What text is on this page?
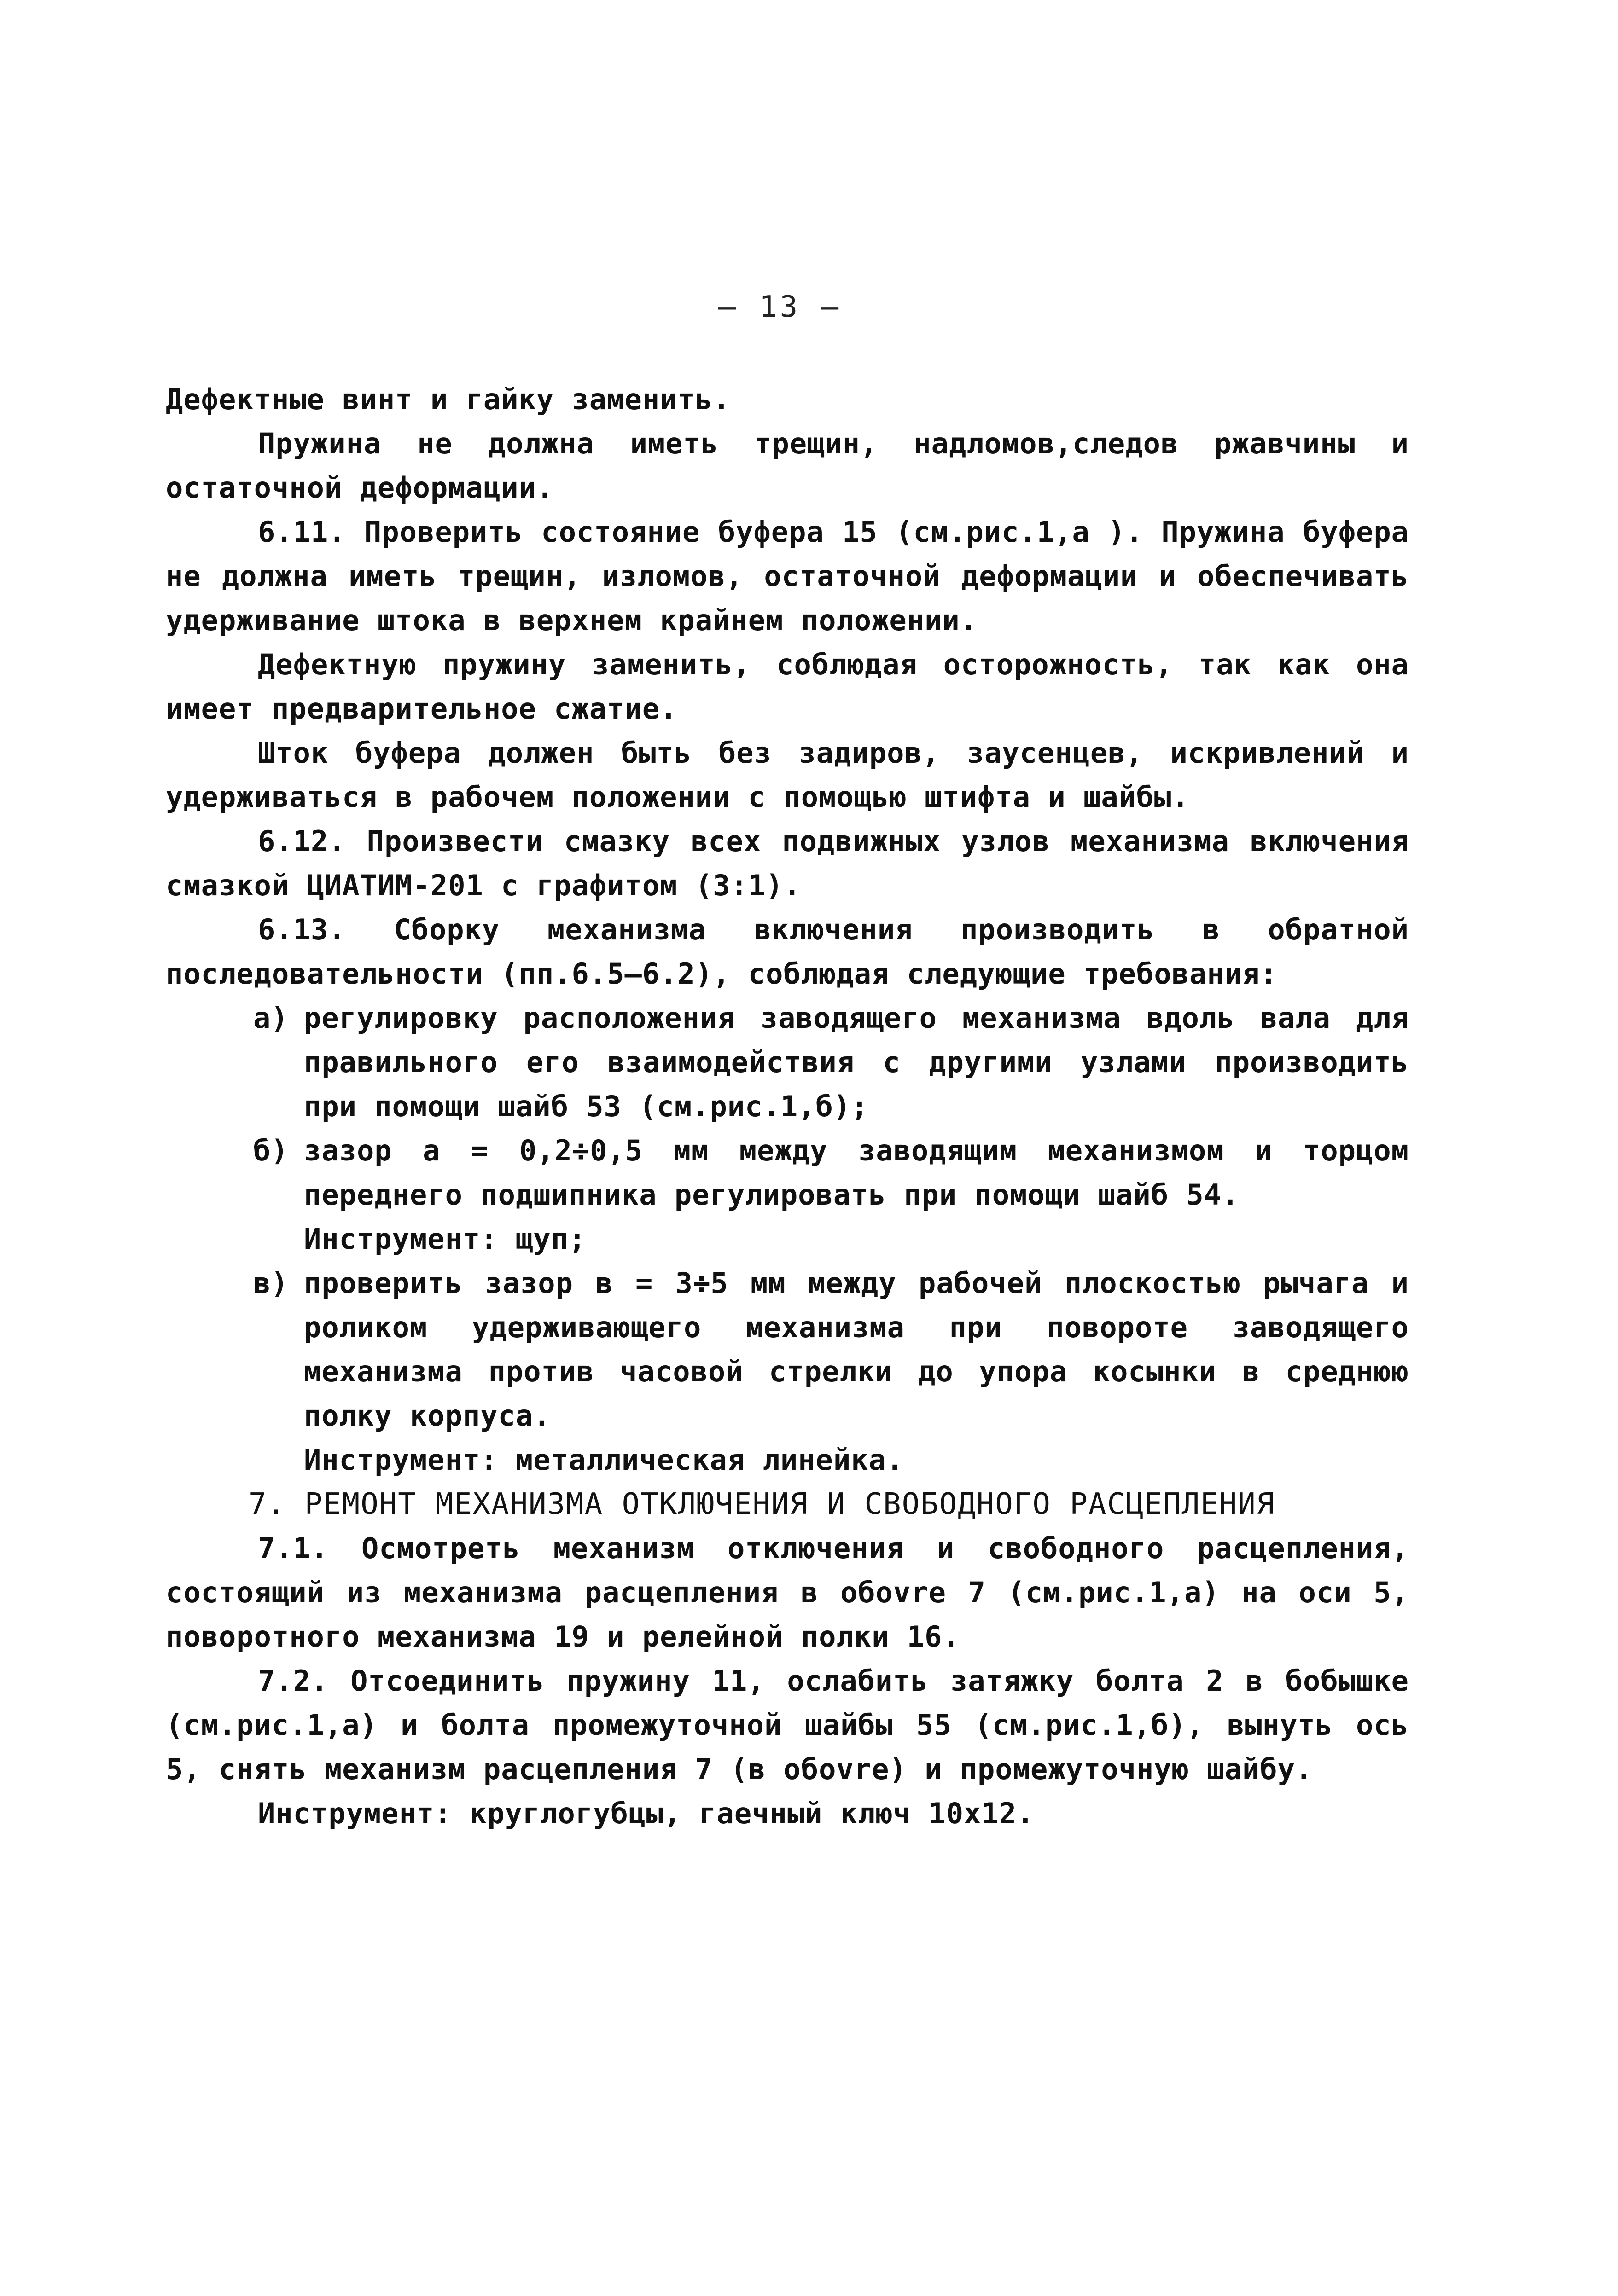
– 13 –

Дефектные винт и гайку заменить.

Пружина не должна иметь трещин, надломов,следов ржавчины и остаточной деформации.

6.11. Проверить состояние буфера 15 (см.рис.1,а ). Пружина буфера не должна иметь трещин, изломов, остаточной деформации и обеспечивать удерживание штока в верхнем крайнем положении.

Дефектную пружину заменить, соблюдая осторожность, так как она имеет предварительное сжатие.

Шток буфера должен быть без задиров, заусенцев, искривлений и удерживаться в рабочем положении с помощью штифта и шайбы.

6.12. Произвести смазку всех подвижных узлов механизма включения смазкой ЦИАТИМ-201 с графитом (3:1).

6.13. Сборку механизма включения производить в обратной последовательности (пп.6.5–6.2), соблюдая следующие требования:

а) регулировку расположения заводящего механизма вдоль вала для правильного его взаимодействия с другими узлами производить при помощи шайб 53 (см.рис.1,б);
б) зазор а = 0,2÷0,5 мм между заводящим механизмом и торцом переднего подшипника регулировать при помощи шайб 54.
Инструмент: щуп;
в) проверить зазор в = 3÷5 мм между рабочей плоскостью рычага и роликом удерживающего механизма при повороте заводящего механизма против часовой стрелки до упора косынки в среднюю полку корпуса.
Инструмент: металлическая линейка.

7. РЕМОНТ МЕХАНИЗМА ОТКЛЮЧЕНИЯ И СВОБОДНОГО РАСЦЕПЛЕНИЯ

7.1. Осмотреть механизм отключения и свободного расцепления, состоящий из механизма расцепления в обоvre 7 (см.рис.1,а) на оси 5, поворотного механизма 19 и релейной полки 16.

7.2. Отсоединить пружину 11, ослабить затяжку болта 2 в бобышке (см.рис.1,а) и болта промежуточной шайбы 55 (см.рис.1,б), вынуть ось 5, снять механизм расцепления 7 (в обоvre) и промежуточную шайбу.

Инструмент: круглогубцы, гаечный ключ 10х12.
